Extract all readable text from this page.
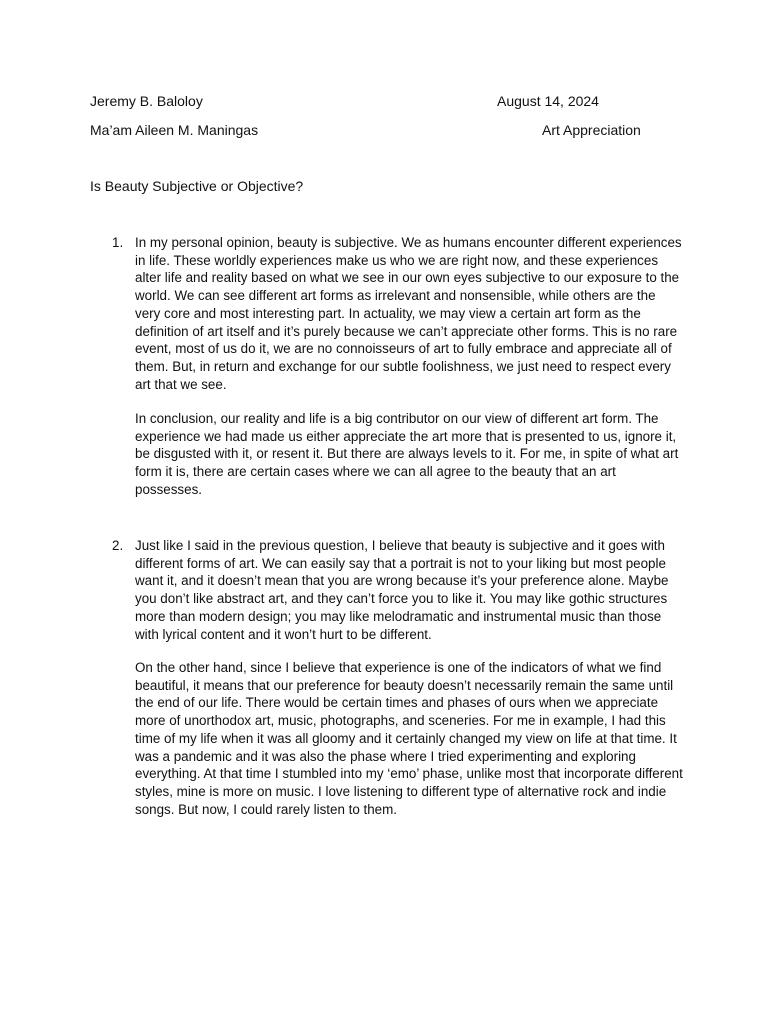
Jeremy B. Baloloy	August 14, 2024
Ma’am Aileen M. Maningas	Art Appreciation
Is Beauty Subjective or Objective?
1. In my personal opinion, beauty is subjective. We as humans encounter different experiences in life. These worldly experiences make us who we are right now, and these experiences alter life and reality based on what we see in our own eyes subjective to our exposure to the world. We can see different art forms as irrelevant and nonsensible, while others are the very core and most interesting part. In actuality, we may view a certain art form as the definition of art itself and it’s purely because we can’t appreciate other forms. This is no rare event, most of us do it, we are no connoisseurs of art to fully embrace and appreciate all of them. But, in return and exchange for our subtle foolishness, we just need to respect every art that we see.

In conclusion, our reality and life is a big contributor on our view of different art form. The experience we had made us either appreciate the art more that is presented to us, ignore it, be disgusted with it, or resent it. But there are always levels to it. For me, in spite of what art form it is, there are certain cases where we can all agree to the beauty that an art possesses.

2. Just like I said in the previous question, I believe that beauty is subjective and it goes with different forms of art. We can easily say that a portrait is not to your liking but most people want it, and it doesn’t mean that you are wrong because it’s your preference alone. Maybe you don’t like abstract art, and they can’t force you to like it. You may like gothic structures more than modern design; you may like melodramatic and instrumental music than those with lyrical content and it won’t hurt to be different.

On the other hand, since I believe that experience is one of the indicators of what we find beautiful, it means that our preference for beauty doesn’t necessarily remain the same until the end of our life. There would be certain times and phases of ours when we appreciate more of unorthodox art, music, photographs, and sceneries. For me in example, I had this time of my life when it was all gloomy and it certainly changed my view on life at that time. It was a pandemic and it was also the phase where I tried experimenting and exploring everything. At that time I stumbled into my ‘emo’ phase, unlike most that incorporate different styles, mine is more on music. I love listening to different type of alternative rock and indie songs. But now, I could rarely listen to them.
